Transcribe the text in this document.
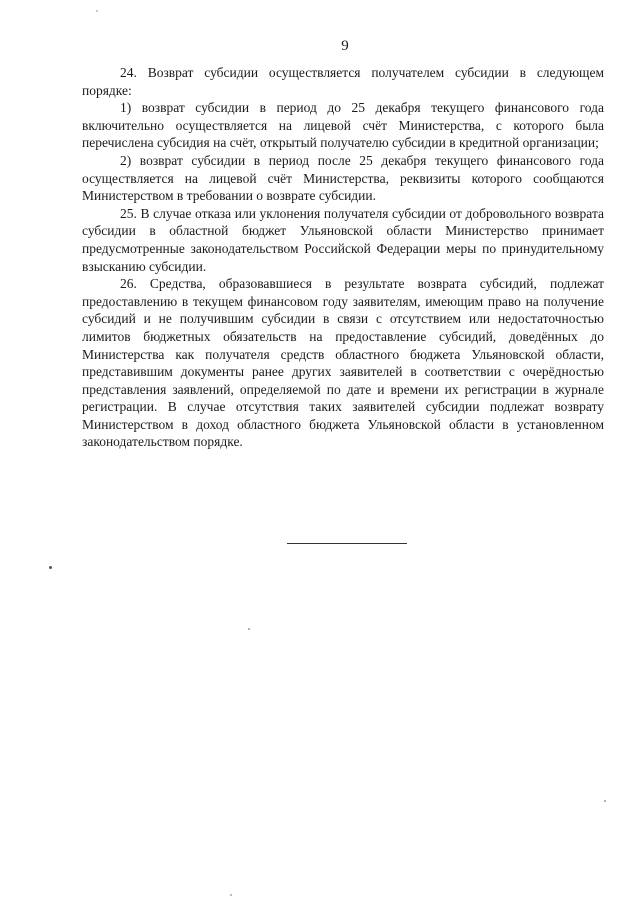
9

24. Возврат субсидии осуществляется получателем субсидии в следующем порядке:

1) возврат субсидии в период до 25 декабря текущего финансового года включительно осуществляется на лицевой счёт Министерства, с которого была перечислена субсидия на счёт, открытый получателю субсидии в кредитной организации;

2) возврат субсидии в период после 25 декабря текущего финансового года осуществляется на лицевой счёт Министерства, реквизиты которого сообщаются Министерством в требовании о возврате субсидии.

25. В случае отказа или уклонения получателя субсидии от добровольного возврата субсидии в областной бюджет Ульяновской области Министерство принимает предусмотренные законодательством Российской Федерации меры по принудительному взысканию субсидии.

26. Средства, образовавшиеся в результате возврата субсидий, подлежат предоставлению в текущем финансовом году заявителям, имеющим право на получение субсидий и не получившим субсидии в связи с отсутствием или недостаточностью лимитов бюджетных обязательств на предоставление субсидий, доведённых до Министерства как получателя средств областного бюджета Ульяновской области, представившим документы ранее других заявителей в соответствии с очерёдностью представления заявлений, определяемой по дате и времени их регистрации в журнале регистрации. В случае отсутствия таких заявителей субсидии подлежат возврату Министерством в доход областного бюджета Ульяновской области в установленном законодательством порядке.
